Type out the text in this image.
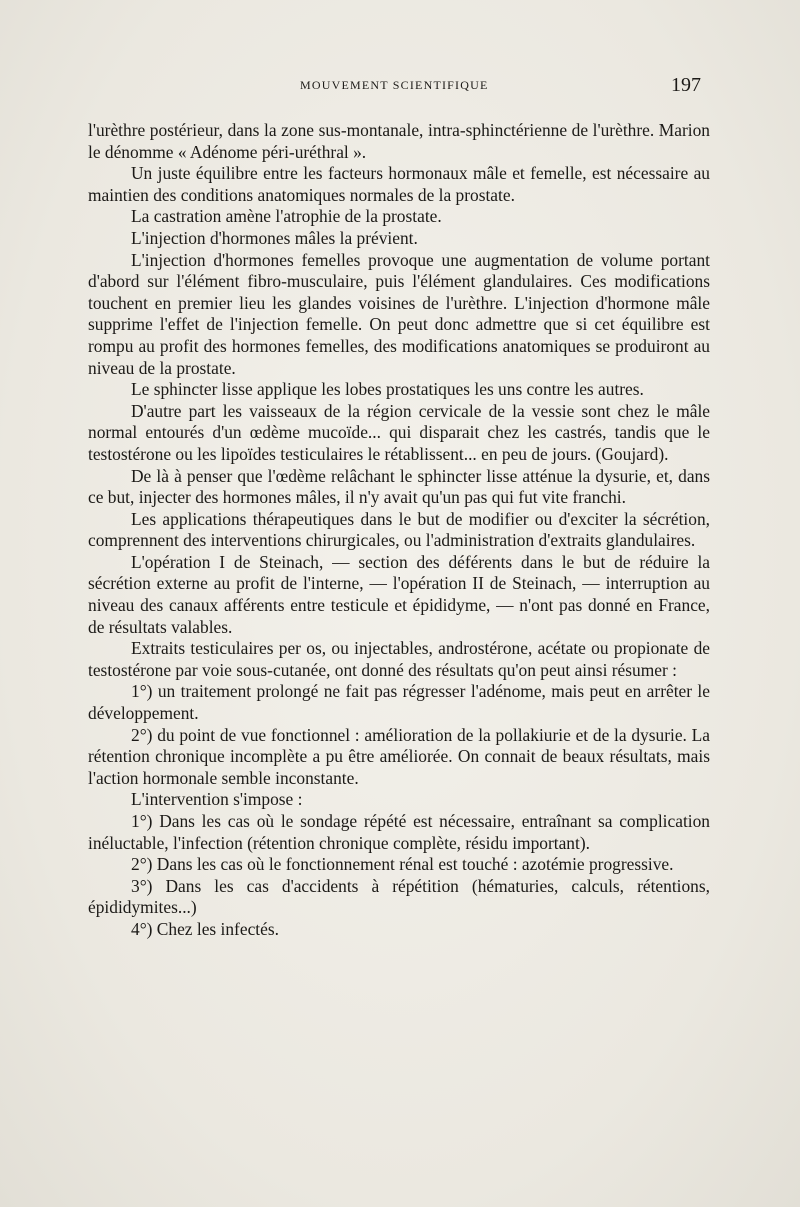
MOUVEMENT SCIENTIFIQUE	197

l'urèthre postérieur, dans la zone sus-montanale, intra-sphinctérienne de l'urèthre. Marion le dénomme « Adénome péri-uréthral ».

Un juste équilibre entre les facteurs hormonaux mâle et femelle, est nécessaire au maintien des conditions anatomiques normales de la prostate.

La castration amène l'atrophie de la prostate.

L'injection d'hormones mâles la prévient.

L'injection d'hormones femelles provoque une augmentation de volume portant d'abord sur l'élément fibro-musculaire, puis l'élément glandulaires. Ces modifications touchent en premier lieu les glandes voisines de l'urèthre. L'injection d'hormone mâle supprime l'effet de l'injection femelle. On peut donc admettre que si cet équilibre est rompu au profit des hormones femelles, des modifications anatomiques se produiront au niveau de la prostate.

Le sphincter lisse applique les lobes prostatiques les uns contre les autres.

D'autre part les vaisseaux de la région cervicale de la vessie sont chez le mâle normal entourés d'un œdème mucoïde... qui disparait chez les castrés, tandis que le testostérone ou les lipoïdes testiculaires le rétablissent... en peu de jours. (Goujard).

De là à penser que l'œdème relâchant le sphincter lisse atténue la dysurie, et, dans ce but, injecter des hormones mâles, il n'y avait qu'un pas qui fut vite franchi.

Les applications thérapeutiques dans le but de modifier ou d'exciter la sécrétion, comprennent des interventions chirurgicales, ou l'administration d'extraits glandulaires.

L'opération I de Steinach, — section des déférents dans le but de réduire la sécrétion externe au profit de l'interne, — l'opération II de Steinach, — interruption au niveau des canaux afférents entre testicule et épididyme, — n'ont pas donné en France, de résultats valables.

Extraits testiculaires per os, ou injectables, androstérone, acétate ou propionate de testostérone par voie sous-cutanée, ont donné des résultats qu'on peut ainsi résumer :

1°) un traitement prolongé ne fait pas régresser l'adénome, mais peut en arrêter le développement.

2°) du point de vue fonctionnel : amélioration de la pollakiurie et de la dysurie. La rétention chronique incomplète a pu être améliorée. On connait de beaux résultats, mais l'action hormonale semble inconstante.

L'intervention s'impose :

1°) Dans les cas où le sondage répété est nécessaire, entraînant sa complication inéluctable, l'infection (rétention chronique complète, résidu important).

2°) Dans les cas où le fonctionnement rénal est touché : azotémie progressive.

3°) Dans les cas d'accidents à répétition (hématuries, calculs, rétentions, épididymites...)

4°) Chez les infectés.
